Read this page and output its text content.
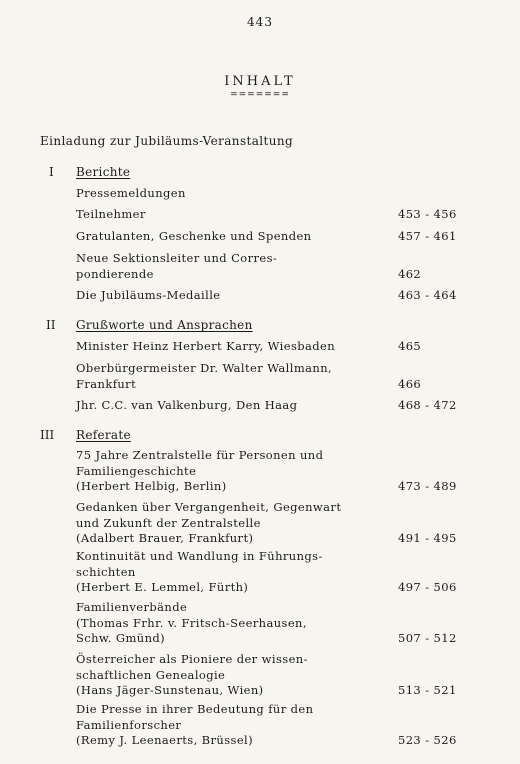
443
INHALT
=======
Einladung zur Jubiläums-Veranstaltung
I Berichte
Pressemeldungen
Teilnehmer	453 - 456
Gratulanten, Geschenke und Spenden	457 - 461
Neue Sektionsleiter und Corres-
pondierende	462
Die Jubiläums-Medaille	463 - 464
II Grußworte und Ansprachen
Minister Heinz Herbert Karry, Wiesbaden	465
Oberbürgermeister Dr. Walter Wallmann,
Frankfurt	466
Jhr. C.C. van Valkenburg, Den Haag	468 - 472
III Referate
75 Jahre Zentralstelle für Personen und
Familiengeschichte
(Herbert Helbig, Berlin)	473 - 489
Gedanken über Vergangenheit, Gegenwart
und Zukunft der Zentralstelle
(Adalbert Brauer, Frankfurt)	491 - 495
Kontinuität und Wandlung in Führungs-
schichten
(Herbert E. Lemmel, Fürth)	497 - 506
Familienverbände
(Thomas Frhr. v. Fritsch-Seerhausen,
Schw. Gmünd)	507 - 512
Österreicher als Pioniere der wissen-
schaftlichen Genealogie
(Hans Jäger-Sunstenau, Wien)	513 - 521
Die Presse in ihrer Bedeutung für den
Familienforscher
(Remy J. Leenaerts, Brüssel)	523 - 526
